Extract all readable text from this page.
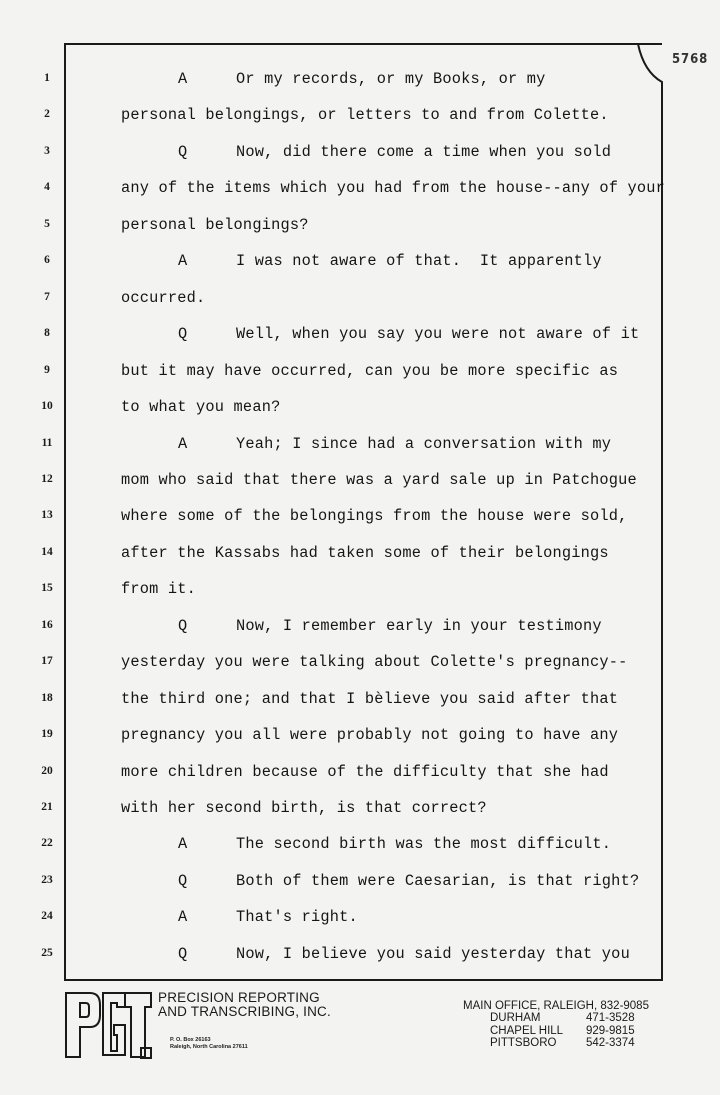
5768
1	A	Or my records, or my Books, or my
2	personal belongings, or letters to and from Colette.
3	Q	Now, did there come a time when you sold
4	any of the items which you had from the house--any of your
5	personal belongings?
6	A	I was not aware of that.  It apparently
7	occurred.
8	Q	Well, when you say you were not aware of it
9	but it may have occurred, can you be more specific as
10	to what you mean?
11	A	Yeah; I since had a conversation with my
12	mom who said that there was a yard sale up in Patchogue
13	where some of the belongings from the house were sold,
14	after the Kassabs had taken some of their belongings
15	from it.
16	Q	Now, I remember early in your testimony
17	yesterday you were talking about Colette's pregnancy--
18	the third one; and that I bèlieve you said after that
19	pregnancy you all were probably not going to have any
20	more children because of the difficulty that she had
21	with her second birth, is that correct?
22	A	The second birth was the most difficult.
23	Q	Both of them were Caesarian, is that right?
24	A	That's right.
25	Q	Now, I believe you said yesterday that you
PRECISION REPORTING
AND TRANSCRIBING, INC.
P. O. Box 26163
Raleigh, North Carolina 27611
MAIN OFFICE, RALEIGH, 832-9085
DURHAM	471-3528
CHAPEL HILL	929-9815
PITTSBORO	542-3374
